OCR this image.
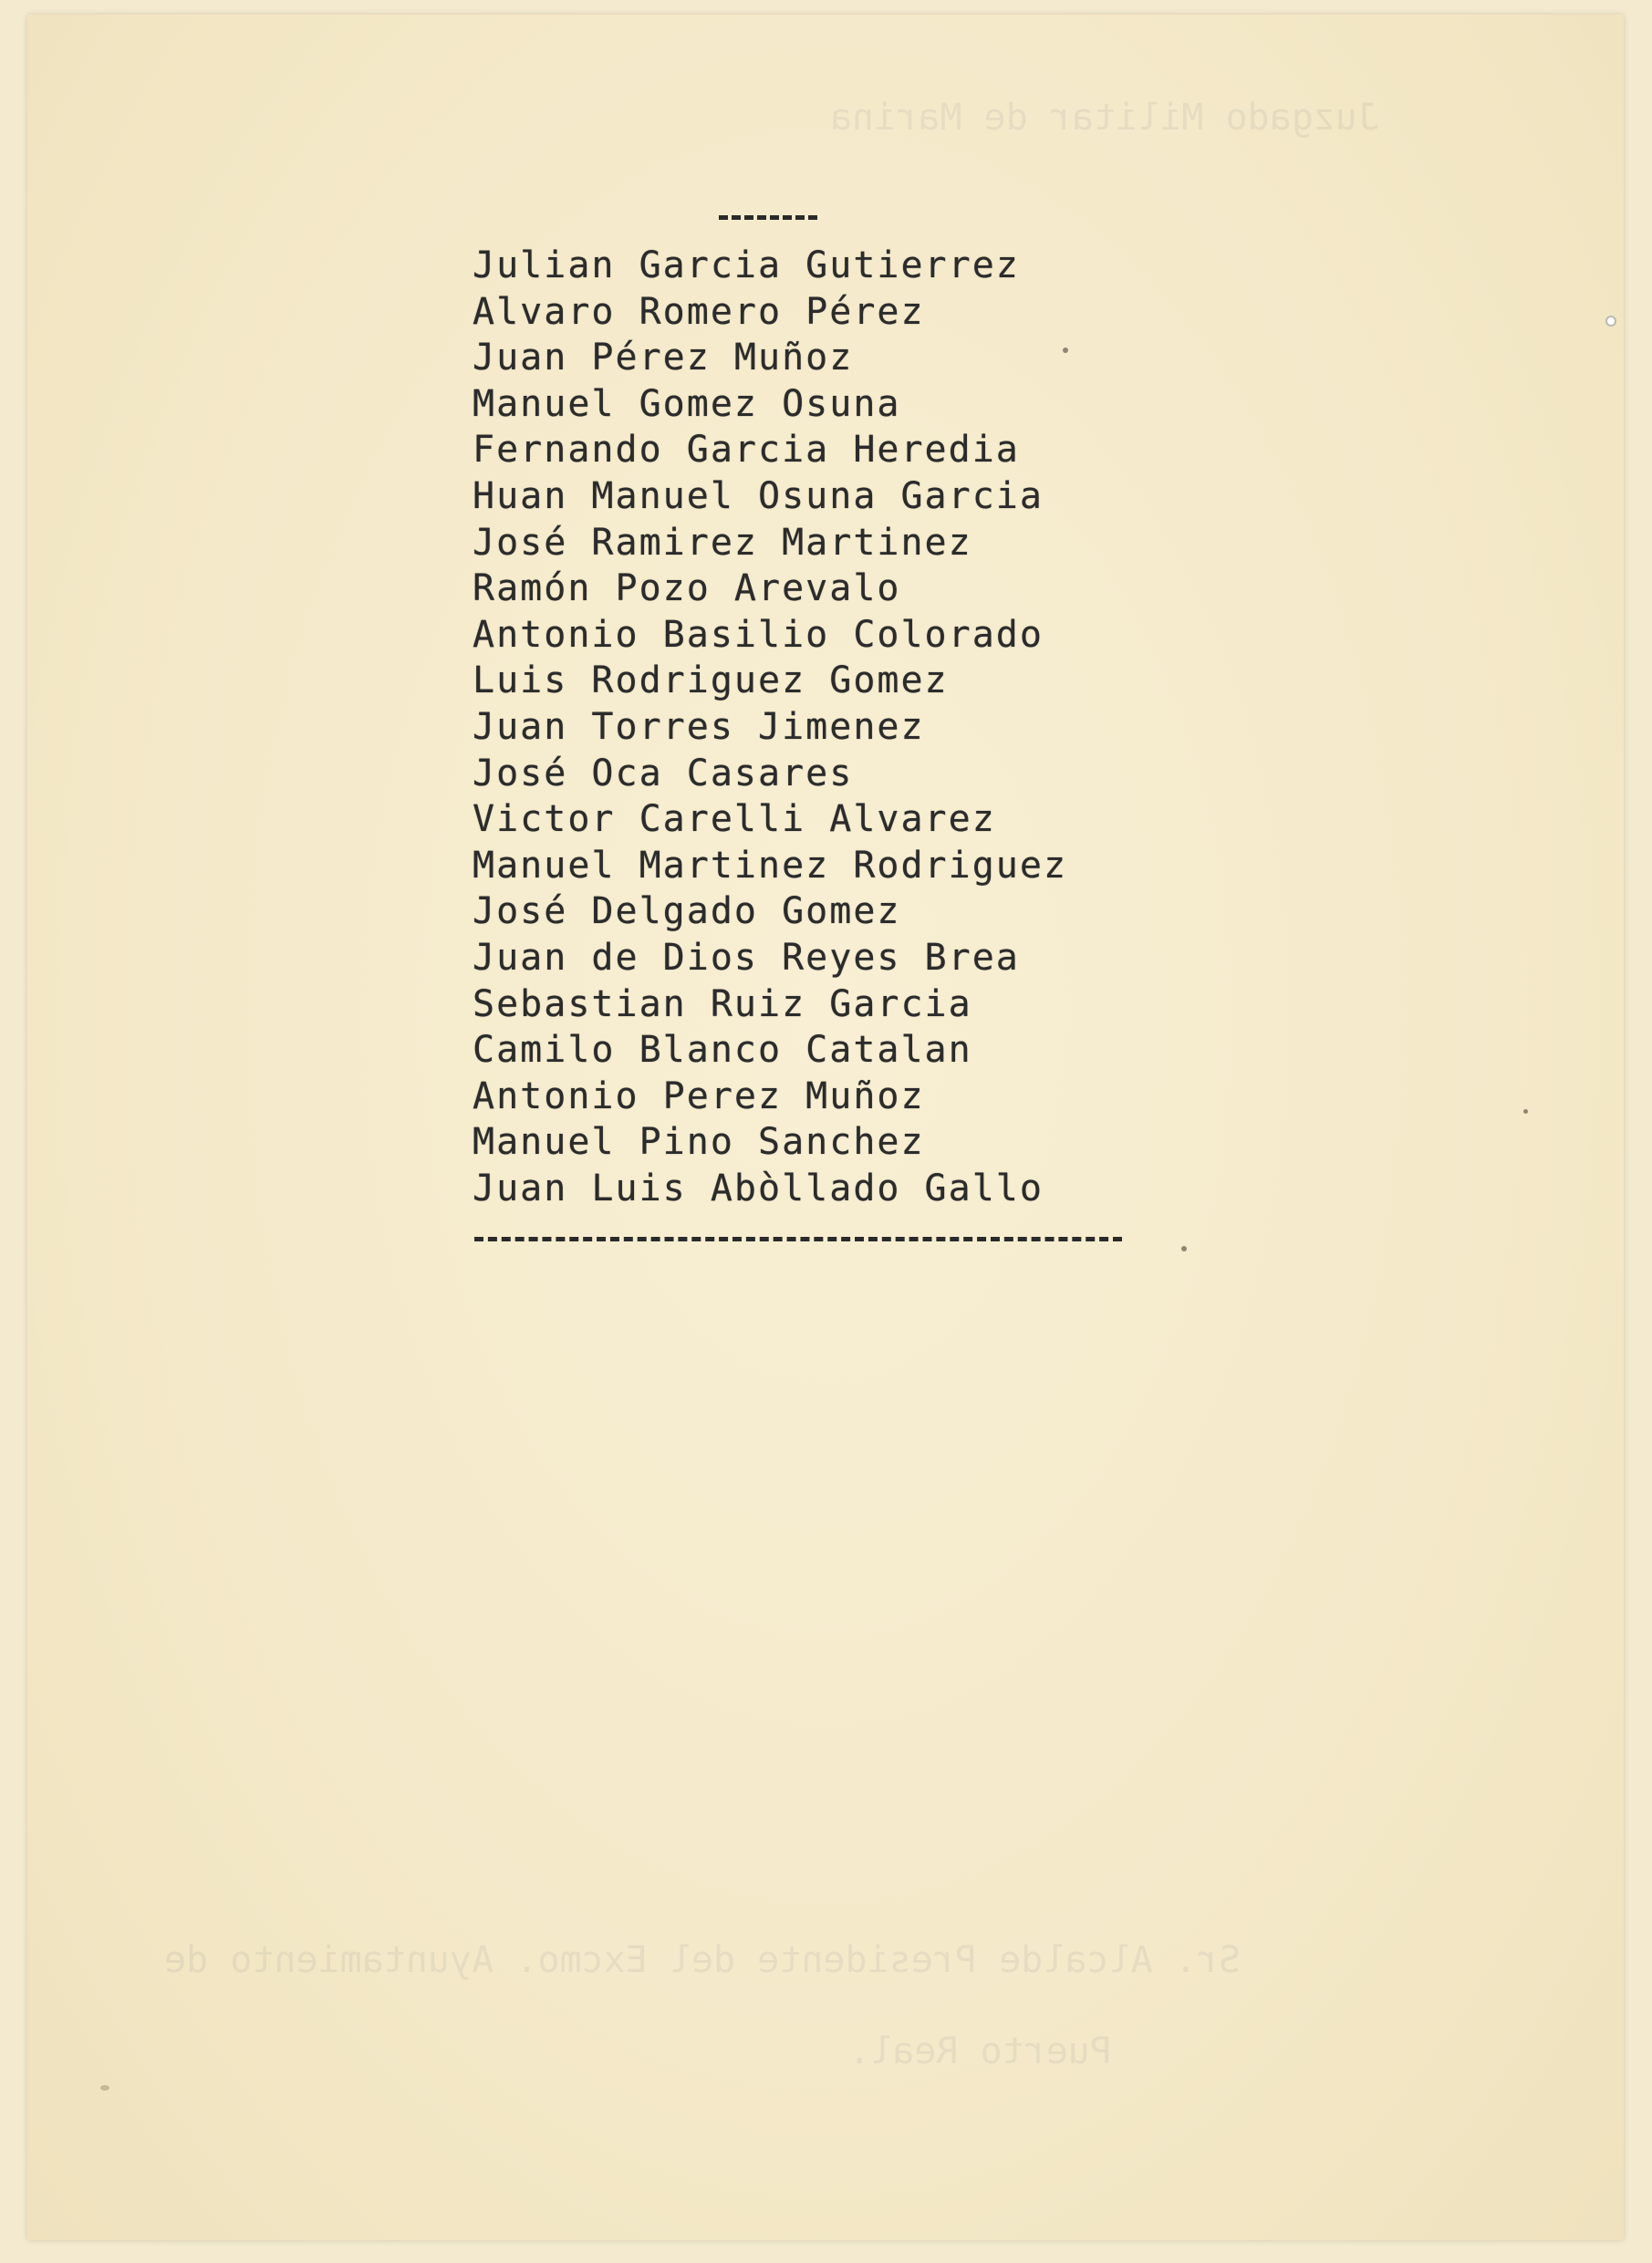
Juzgado Militar de Marina
Sr. Alcalde Presidente del Excmo. Ayuntamiento de
Puerto Real.
Julian Garcia Gutierrez
Alvaro Romero Pérez
Juan Pérez Muñoz
Manuel Gomez Osuna
Fernando Garcia Heredia
Huan Manuel Osuna Garcia
José Ramirez Martinez
Ramón Pozo Arevalo
Antonio Basilio Colorado
Luis Rodriguez Gomez
Juan Torres Jimenez
José Oca Casares
Victor Carelli Alvarez
Manuel Martinez Rodriguez
José Delgado Gomez
Juan de Dios Reyes Brea
Sebastian Ruiz Garcia
Camilo Blanco Catalan
Antonio Perez Muñoz
Manuel Pino Sanchez
Juan Luis Abòllado Gallo
